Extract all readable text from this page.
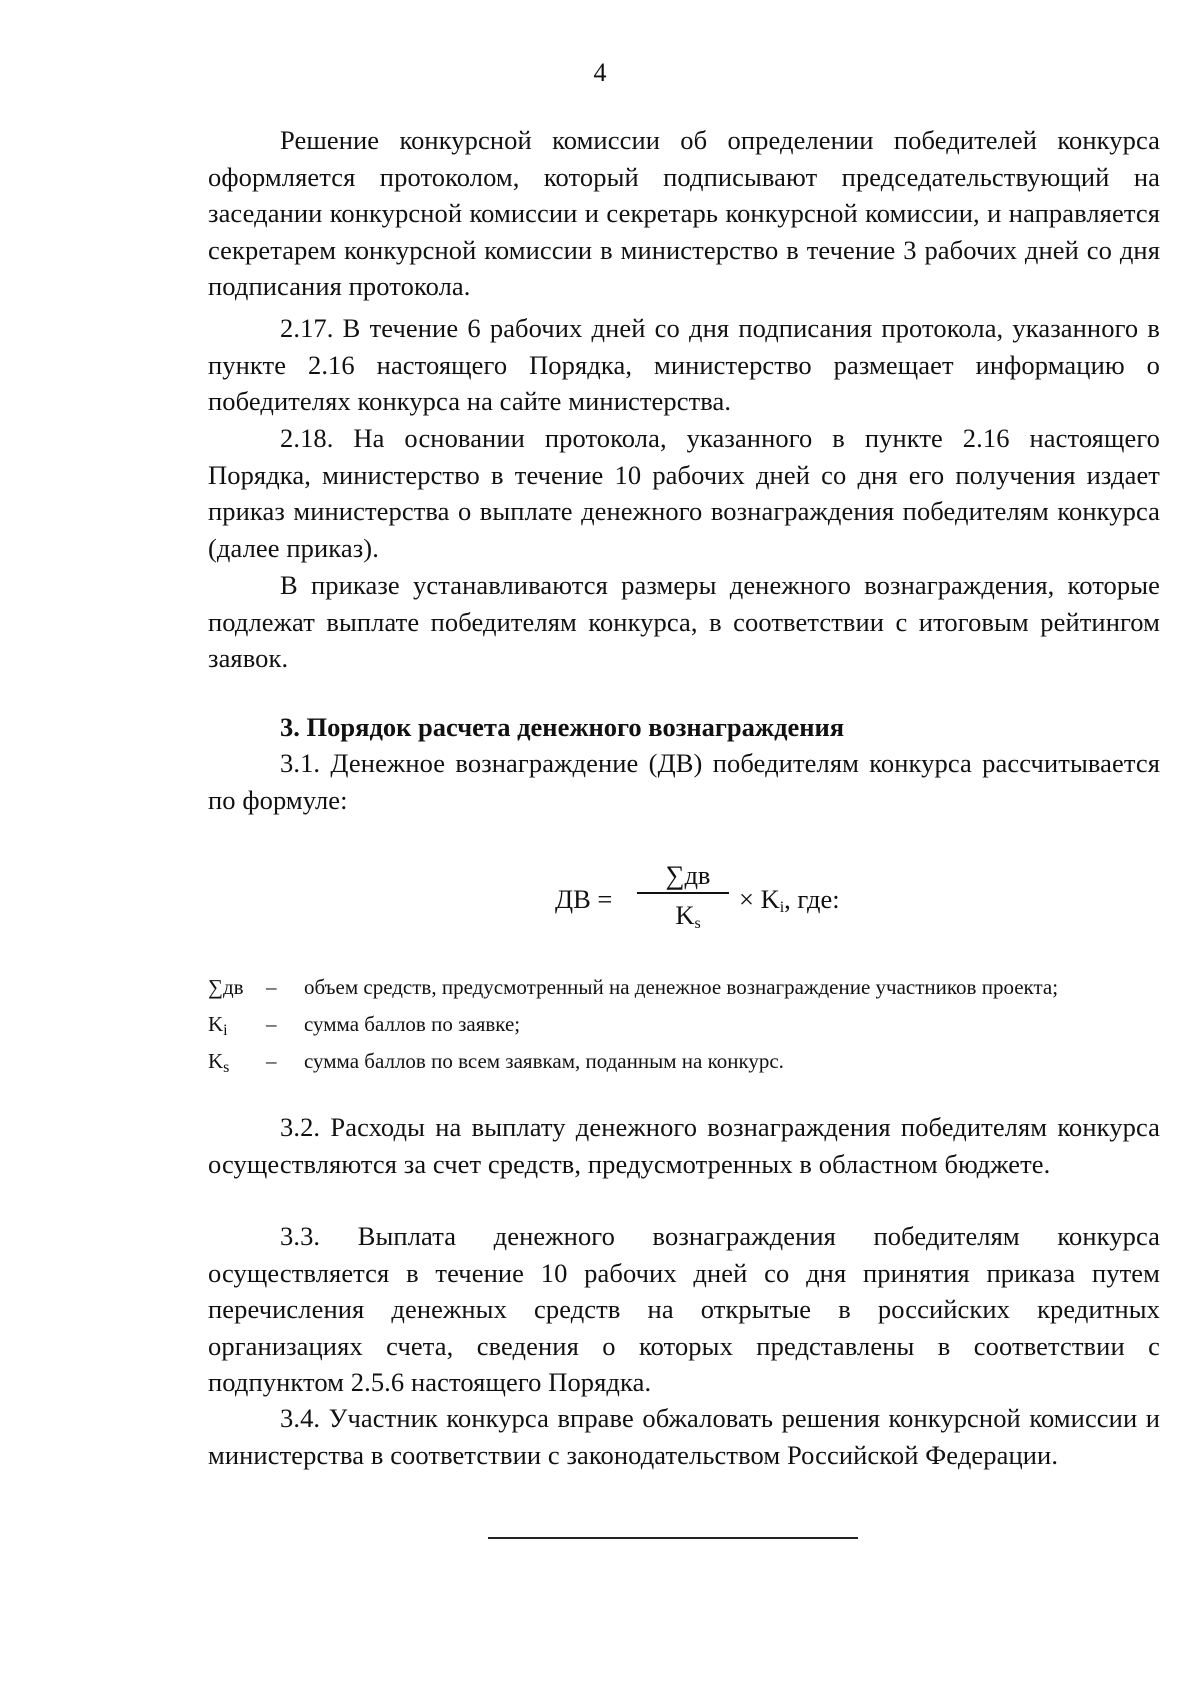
4

Решение конкурсной комиссии об определении победителей конкурса оформляется протоколом, который подписывают председательствующий на заседании конкурсной комиссии и секретарь конкурсной комиссии, и направляется секретарем конкурсной комиссии в министерство в течение 3 рабочих дней со дня подписания протокола.

2.17. В течение 6 рабочих дней со дня подписания протокола, указанного в пункте 2.16 настоящего Порядка, министерство размещает информацию о победителях конкурса на сайте министерства.

2.18. На основании протокола, указанного в пункте 2.16 настоящего Порядка, министерство в течение 10 рабочих дней со дня его получения издает приказ министерства о выплате денежного вознаграждения победителям конкурса (далее приказ).

В приказе устанавливаются размеры денежного вознаграждения, которые подлежат выплате победителям конкурса, в соответствии с итоговым рейтингом заявок.

3. Порядок расчета денежного вознаграждения

3.1. Денежное вознаграждение (ДВ) победителям конкурса рассчитывается по формуле:

ДВ =
∑дв
$K_s$
× $K_i$, где:
∑дв	–	объем средств, предусмотренный на денежное вознаграждение участников проекта;
$K_i$	–	сумма баллов по заявке;
$K_s$	–	сумма баллов по всем заявкам, поданным на конкурс.

3.2. Расходы на выплату денежного вознаграждения победителям конкурса осуществляются за счет средств, предусмотренных в областном бюджете.

3.3. Выплата денежного вознаграждения победителям конкурса осуществляется в течение 10 рабочих дней со дня принятия приказа путем перечисления денежных средств на открытые в российских кредитных организациях счета, сведения о которых представлены в соответствии с подпунктом 2.5.6 настоящего Порядка.

3.4. Участник конкурса вправе обжаловать решения конкурсной комиссии и министерства в соответствии с законодательством Российской Федерации.
